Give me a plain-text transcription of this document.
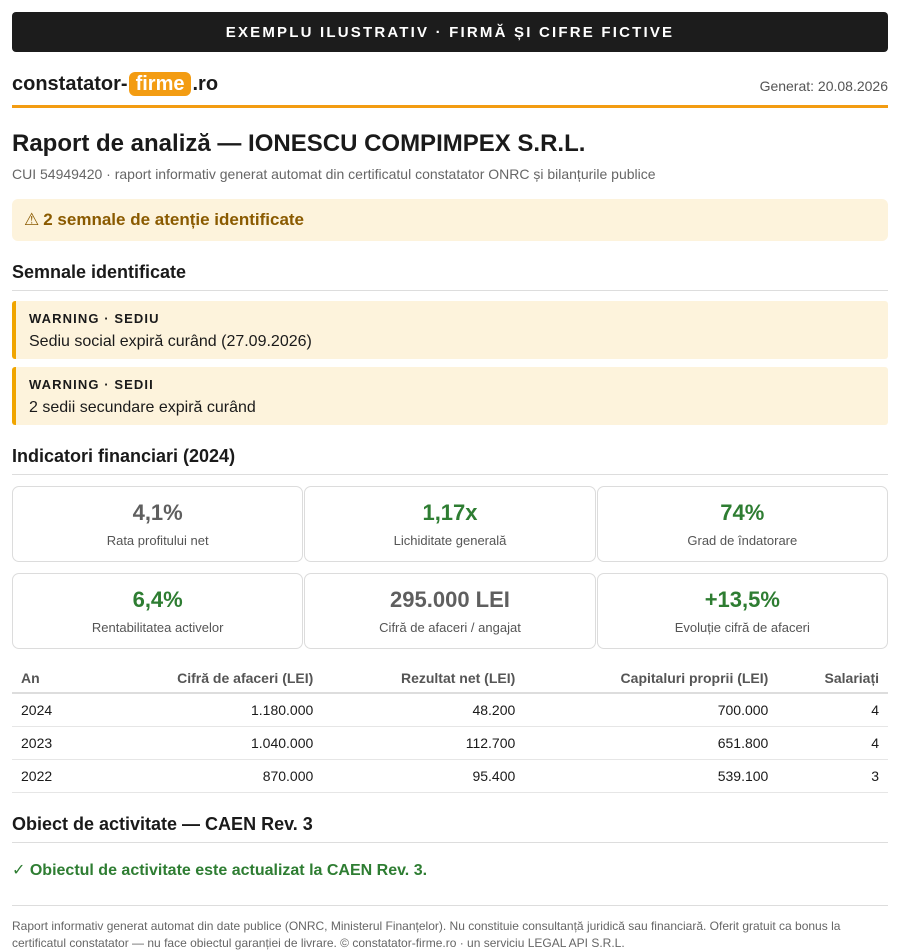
EXEMPLU ILUSTRATIV · FIRMĂ ȘI CIFRE FICTIVE
constatator- firme .ro	Generat: 20.08.2026
Raport de analiză — IONESCU COMPIMPEX S.R.L.
CUI 54949420 · raport informativ generat automat din certificatul constatator ONRC și bilanțurile publice
⚠ 2 semnale de atenție identificate
Semnale identificate
WARNING · SEDIU
Sediu social expiră curând (27.09.2026)
WARNING · SEDII
2 sedii secundare expiră curând
Indicatori financiari (2024)
4,1%
Rata profitului net
1,17x
Lichiditate generală
74%
Grad de îndatorare
6,4%
Rentabilitatea activelor
295.000 LEI
Cifră de afaceri / angajat
+13,5%
Evoluție cifră de afaceri
An	Cifră de afaceri (LEI)	Rezultat net (LEI)	Capitaluri proprii (LEI)	Salariați
2024	1.180.000	48.200	700.000	4
2023	1.040.000	112.700	651.800	4
2022	870.000	95.400	539.100	3
Obiect de activitate — CAEN Rev. 3
✓ Obiectul de activitate este actualizat la CAEN Rev. 3.
Raport informativ generat automat din date publice (ONRC, Ministerul Finanțelor). Nu constituie consultanță juridică sau financiară. Oferit gratuit ca bonus la certificatul constatator — nu face obiectul garanției de livrare. © constatator-firme.ro · un serviciu LEGAL API S.R.L.
